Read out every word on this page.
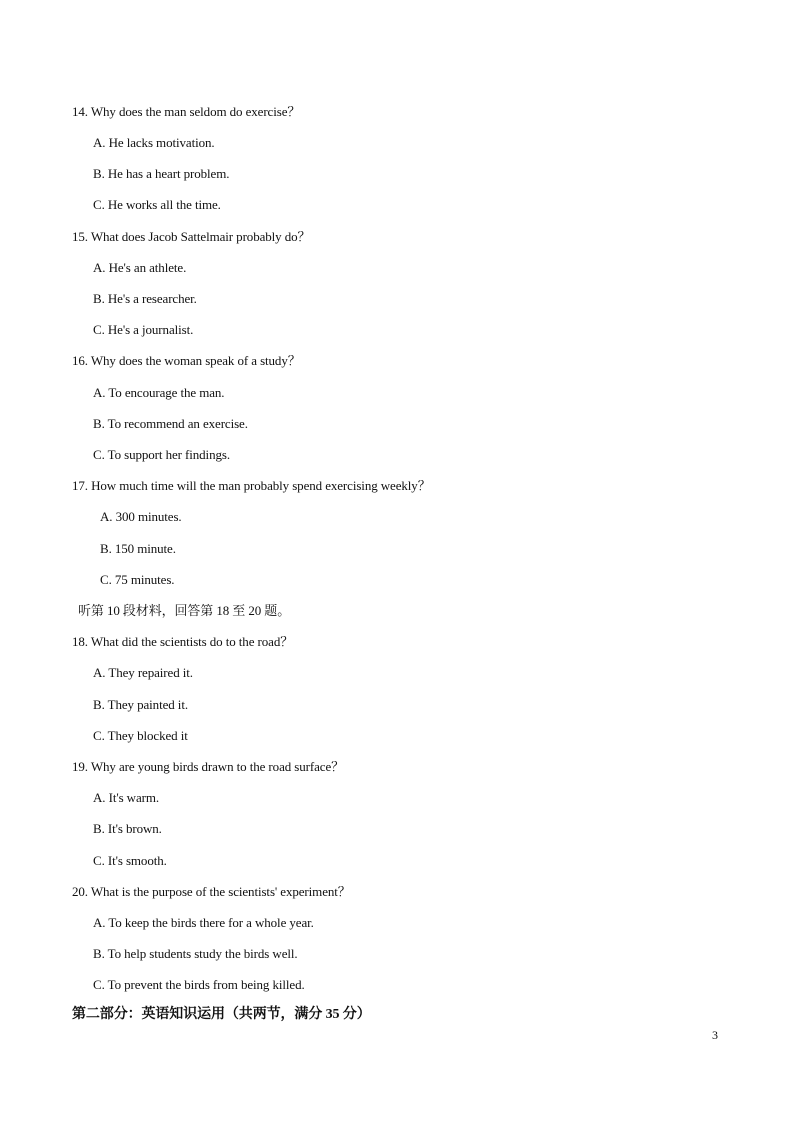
14. Why does the man seldom do exercise？
A. He lacks motivation.
B. He has a heart problem.
C. He works all the time.
15. What does Jacob Sattelmair probably do？
A. He's an athlete.
B. He's a researcher.
C. He's a journalist.
16. Why does the woman speak of a study？
A. To encourage the man.
B. To recommend an exercise.
C. To support her findings.
17. How much time will the man probably spend exercising weekly？
A. 300 minutes.
B. 150 minute.
C. 75 minutes.
听第 10 段材料，回答第 18 至 20 题。
18. What did the scientists do to the road？
A. They repaired it.
B. They painted it.
C. They blocked it
19. Why are young birds drawn to the road surface？
A. It's warm.
B. It's brown.
C. It's smooth.
20. What is the purpose of the scientists' experiment？
A. To keep the birds there for a whole year.
B. To help students study the birds well.
C. To prevent the birds from being killed.
第二部分：英语知识运用（共两节，满分 35 分）
3
